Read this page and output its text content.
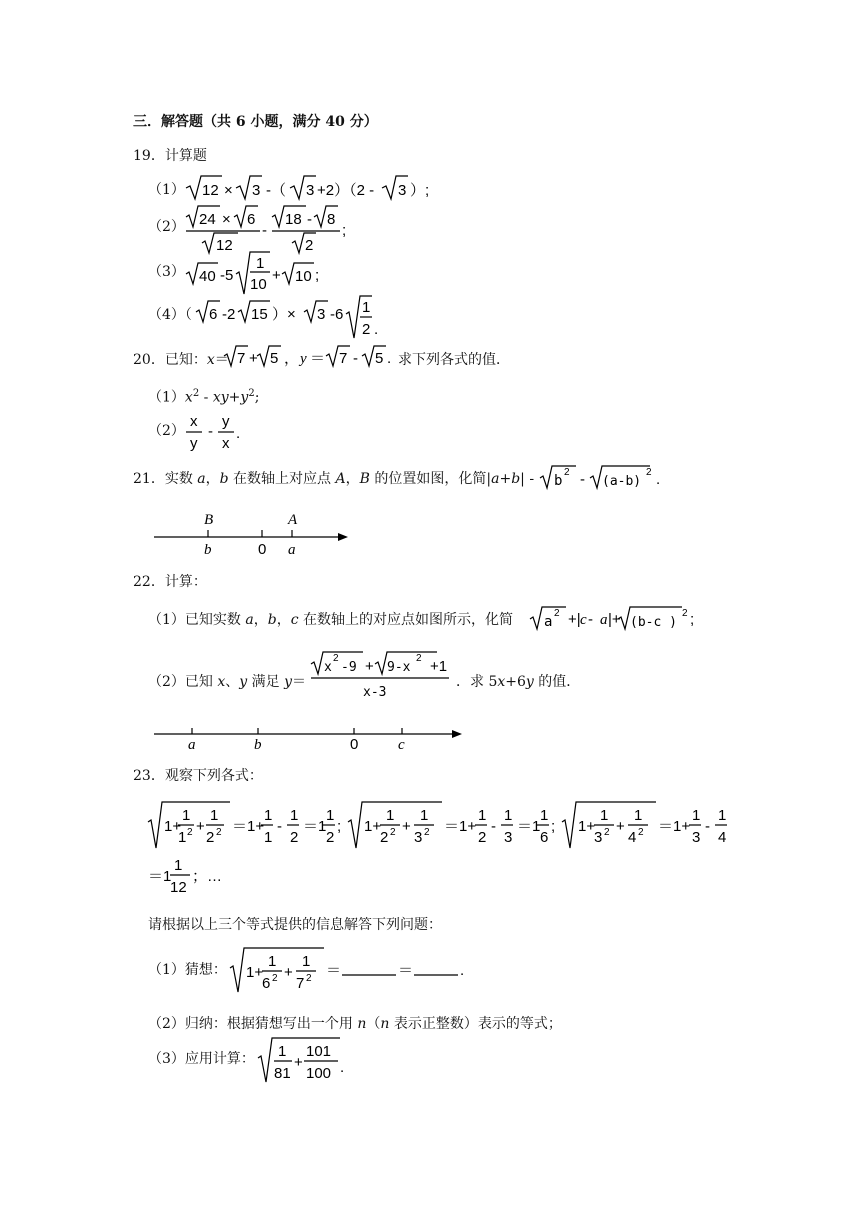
三．解答题（共 6 小题，满分 40 分）
19．计算题
（1） 12 × 3 -（ 3 +2）（2 - 3 ）;
（2） 24 × 6
12
-
18 - 8
2
;
（3） 40 -5
1
10
+ 10 ;
（4）（ 6 -2 15 ）× 3 -6 1
2 .
20．已知：x＝ 7 + 5 ， y ＝ 7 - 5 . 求下列各式的值．
$(1)x^2 - xy+y^2$;
（2）
x
y
-
y
x
.
21．实数 a，b 在数轴上对应点 A，B 的位置如图，化简|a+b| - b
2 - (a-b)
2 .
B	A
b	0 a
22．计算：
（1）已知实数 a，b，c 在数轴上的对应点如图所示，化简 a
2 +| c - a |+ (b-c )
2 ;
（2）已知 x、y 满足 y＝
x
2
-9 + 9-x
2 +1
x-3
．求 5x+6y 的值．
a	b	0	c
23．观察下列各式：
1+
1
1 2 +
1
2 2 ＝1+
1
1
-
1
2
＝1
1
2
; 1+
1
2 2 +
1
3 2 ＝1+
1
2
-
1
3
＝1
1
6
; 1+
1
3 2 +
1
4 2 ＝1+
1
3
-
1
4
＝1
1
12
；…
请根据以上三个等式提供的信息解答下列问题：
（1）猜想： 1+
1
6 2 +
1
7 2 ＝	＝	.
（2）归纳：根据猜想写出一个用 n（n 表示正整数）表示的等式；
（3）应用计算： 1
81
+
101
100 .
